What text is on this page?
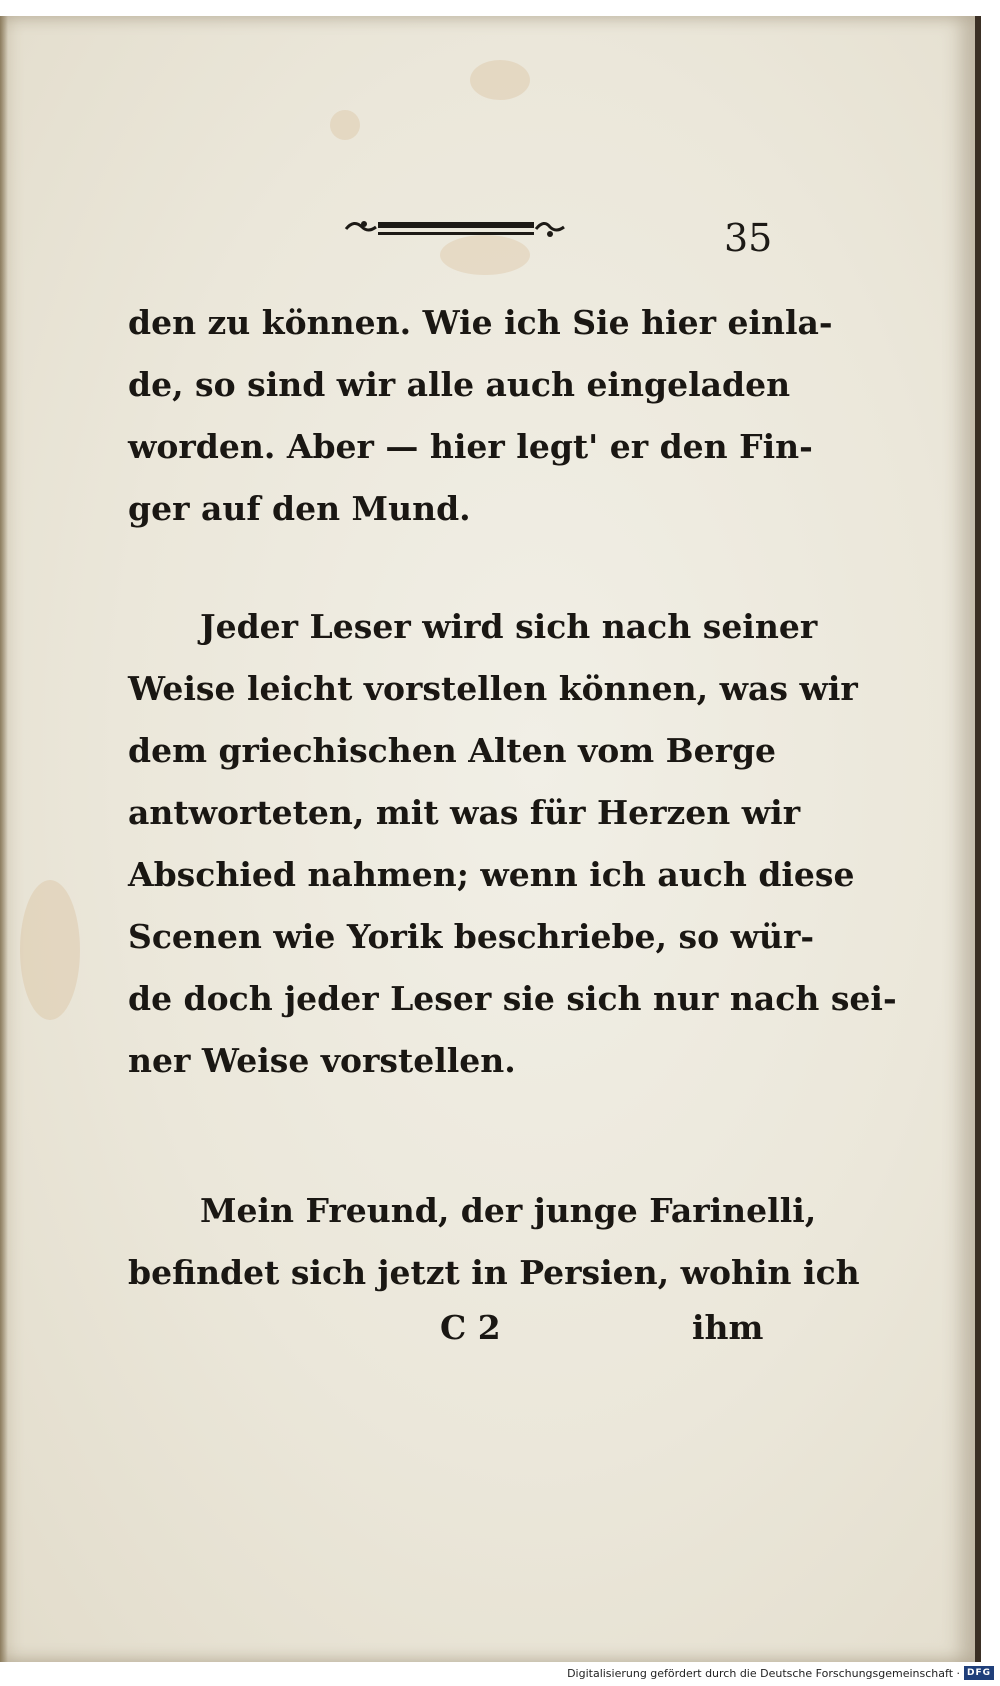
35
den zu können. Wie ich Sie hier einla-
de, so sind wir alle auch eingeladen
worden. Aber — hier legt' er den Fin-
ger auf den Mund.
Jeder Leser wird sich nach seiner
Weise leicht vorstellen können, was wir
dem griechischen Alten vom Berge
antworteten, mit was für Herzen wir
Abschied nahmen; wenn ich auch diese
Scenen wie Yorik beschriebe, so wür-
de doch jeder Leser sie sich nur nach sei-
ner Weise vorstellen.
Mein Freund, der junge Farinelli,
befindet sich jetzt in Persien, wohin ich
C 2	ihm
Digitalisierung gefördert durch die Deutsche Forschungsgemeinschaft · DFG
